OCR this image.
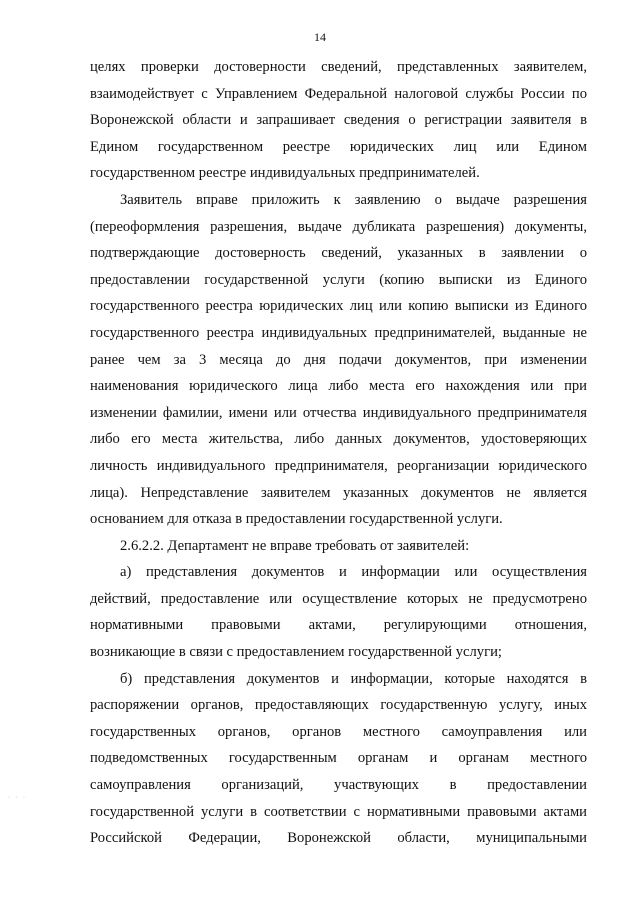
14
целях проверки достоверности сведений, представленных заявителем,
взаимодействует с Управлением Федеральной налоговой службы России по
Воронежской области и запрашивает сведения о регистрации заявителя в
Едином государственном реестре юридических лиц или Едином
государственном реестре индивидуальных предпринимателей.
Заявитель вправе приложить к заявлению о выдаче разрешения
(переоформления разрешения, выдаче дубликата разрешения) документы,
подтверждающие достоверность сведений, указанных в заявлении о
предоставлении государственной услуги (копию выписки из Единого
государственного реестра юридических лиц или копию выписки из Единого
государственного реестра индивидуальных предпринимателей, выданные не
ранее чем за 3 месяца до дня подачи документов, при изменении
наименования юридического лица либо места его нахождения или при
изменении фамилии, имени или отчества индивидуального предпринимателя
либо его места жительства, либо данных документов, удостоверяющих
личность индивидуального предпринимателя, реорганизации юридического
лица). Непредставление заявителем указанных документов не является
основанием для отказа в предоставлении государственной услуги.
2.6.2.2. Департамент не вправе требовать от заявителей:
а) представления документов и информации или осуществления
действий, предоставление или осуществление которых не предусмотрено
нормативными правовыми актами, регулирующими отношения,
возникающие в связи с предоставлением государственной услуги;
б) представления документов и информации, которые находятся в
распоряжении органов, предоставляющих государственную услугу, иных
государственных органов, органов местного самоуправления или
подведомственных государственным органам и органам местного
самоуправления организаций, участвующих в предоставлении
государственной услуги в соответствии с нормативными правовыми актами
Российской Федерации, Воронежской области, муниципальными
· · ·
